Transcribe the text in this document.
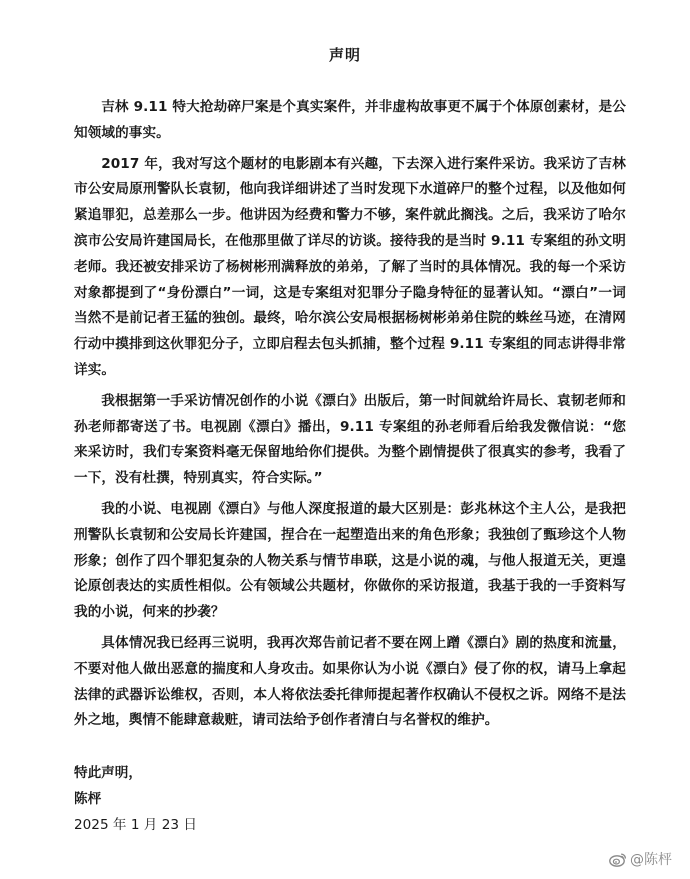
声明

吉林 9.11 特大抢劫碎尸案是个真实案件，并非虚构故事更不属于个体原创素材，是公知领域的事实。

2017 年，我对写这个题材的电影剧本有兴趣，下去深入进行案件采访。我采访了吉林市公安局原刑警队长袁韧，他向我详细讲述了当时发现下水道碎尸的整个过程，以及他如何紧追罪犯，总差那么一步。他讲因为经费和警力不够，案件就此搁浅。之后，我采访了哈尔滨市公安局许建国局长，在他那里做了详尽的访谈。接待我的是当时 9.11 专案组的孙文明老师。我还被安排采访了杨树彬刑满释放的弟弟，了解了当时的具体情况。我的每一个采访对象都提到了“身份漂白”一词，这是专案组对犯罪分子隐身特征的显著认知。“漂白”一词当然不是前记者王猛的独创。最终，哈尔滨公安局根据杨树彬弟弟住院的蛛丝马迹，在清网行动中摸排到这伙罪犯分子，立即启程去包头抓捕，整个过程 9.11 专案组的同志讲得非常详实。

我根据第一手采访情况创作的小说《漂白》出版后，第一时间就给许局长、袁韧老师和孙老师都寄送了书。电视剧《漂白》播出，9.11 专案组的孙老师看后给我发微信说：“您来采访时，我们专案资料毫无保留地给你们提供。为整个剧情提供了很真实的参考，我看了一下，没有杜撰，特别真实，符合实际。”

我的小说、电视剧《漂白》与他人深度报道的最大区别是：彭兆林这个主人公，是我把刑警队长袁韧和公安局长许建国，捏合在一起塑造出来的角色形象；我独创了甄珍这个人物形象；创作了四个罪犯复杂的人物关系与情节串联，这是小说的魂，与他人报道无关，更遑论原创表达的实质性相似。公有领域公共题材，你做你的采访报道，我基于我的一手资料写我的小说，何来的抄袭？

具体情况我已经再三说明，我再次郑告前记者不要在网上蹭《漂白》剧的热度和流量，不要对他人做出恶意的揣度和人身攻击。如果你认为小说《漂白》侵了你的权，请马上拿起法律的武器诉讼维权，否则，本人将依法委托律师提起著作权确认不侵权之诉。网络不是法外之地，舆情不能肆意裁赃，请司法给予创作者清白与名誉权的维护。

特此声明，
陈枰
2025 年 1 月 23 日
@陈枰
